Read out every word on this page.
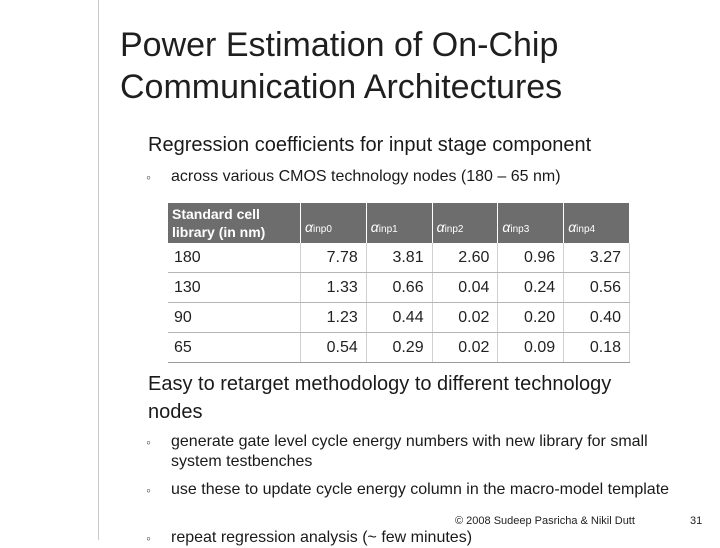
Power Estimation of On-Chip Communication Architectures
Regression coefficients for input stage component
◦	across various CMOS technology nodes (180 – 65 nm)
Standard cell library (in nm)	αinp0	αinp1	αinp2	αinp3	αinp4
180	7.78	3.81	2.60	0.96	3.27
130	1.33	0.66	0.04	0.24	0.56
90	1.23	0.44	0.02	0.20	0.40
65	0.54	0.29	0.02	0.09	0.18
Easy to retarget methodology to different technology nodes
◦	generate gate level cycle energy numbers with new library for small system testbenches
◦	use these to update cycle energy column in the macro-model template
◦	repeat regression analysis (~ few minutes)
© 2008 Sudeep Pasricha & Nikil Dutt	31
